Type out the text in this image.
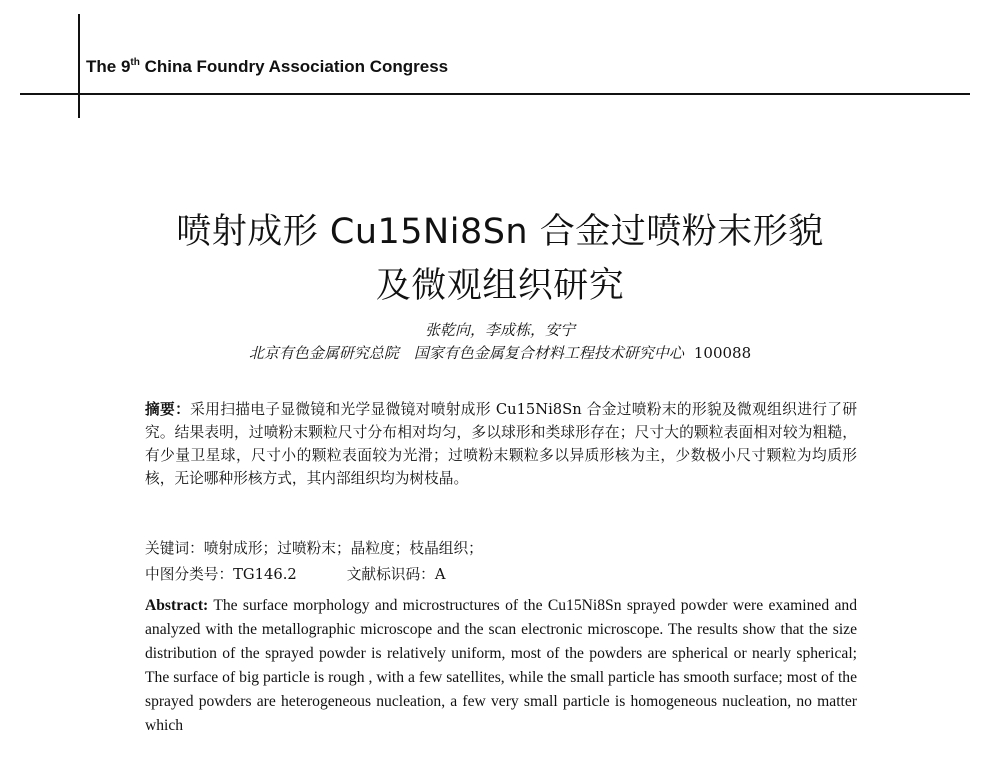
The 9th China Foundry Association Congress
喷射成形 Cu15Ni8Sn 合金过喷粉末形貌
及微观组织研究

张乾向，李成栋，安宁

北京有色金属研究总院　国家有色金属复合材料工程技术研究中心 100088

摘要：采用扫描电子显微镜和光学显微镜对喷射成形 Cu15Ni8Sn 合金过喷粉末的形貌及微观组织进行了研究。结果表明，过喷粉末颗粒尺寸分布相对均匀，多以球形和类球形存在；尺寸大的颗粒表面相对较为粗糙，有少量卫星球，尺寸小的颗粒表面较为光滑；过喷粉末颗粒多以异质形核为主，少数极小尺寸颗粒为均质形核，无论哪种形核方式，其内部组织均为树枝晶。

关键词：喷射成形；过喷粉末；晶粒度；枝晶组织；

中图分类号：TG146.2	文献标识码：A

Abstract: The surface morphology and microstructures of the Cu15Ni8Sn sprayed powder were examined and analyzed with the metallographic microscope and the scan electronic microscope. The results show that the size distribution of the sprayed powder is relatively uniform, most of the powders are spherical or nearly spherical; The surface of big particle is rough , with a few satellites, while the small particle has smooth surface; most of the sprayed powders are heterogeneous nucleation, a few very small particle is homogeneous nucleation, no matter which
